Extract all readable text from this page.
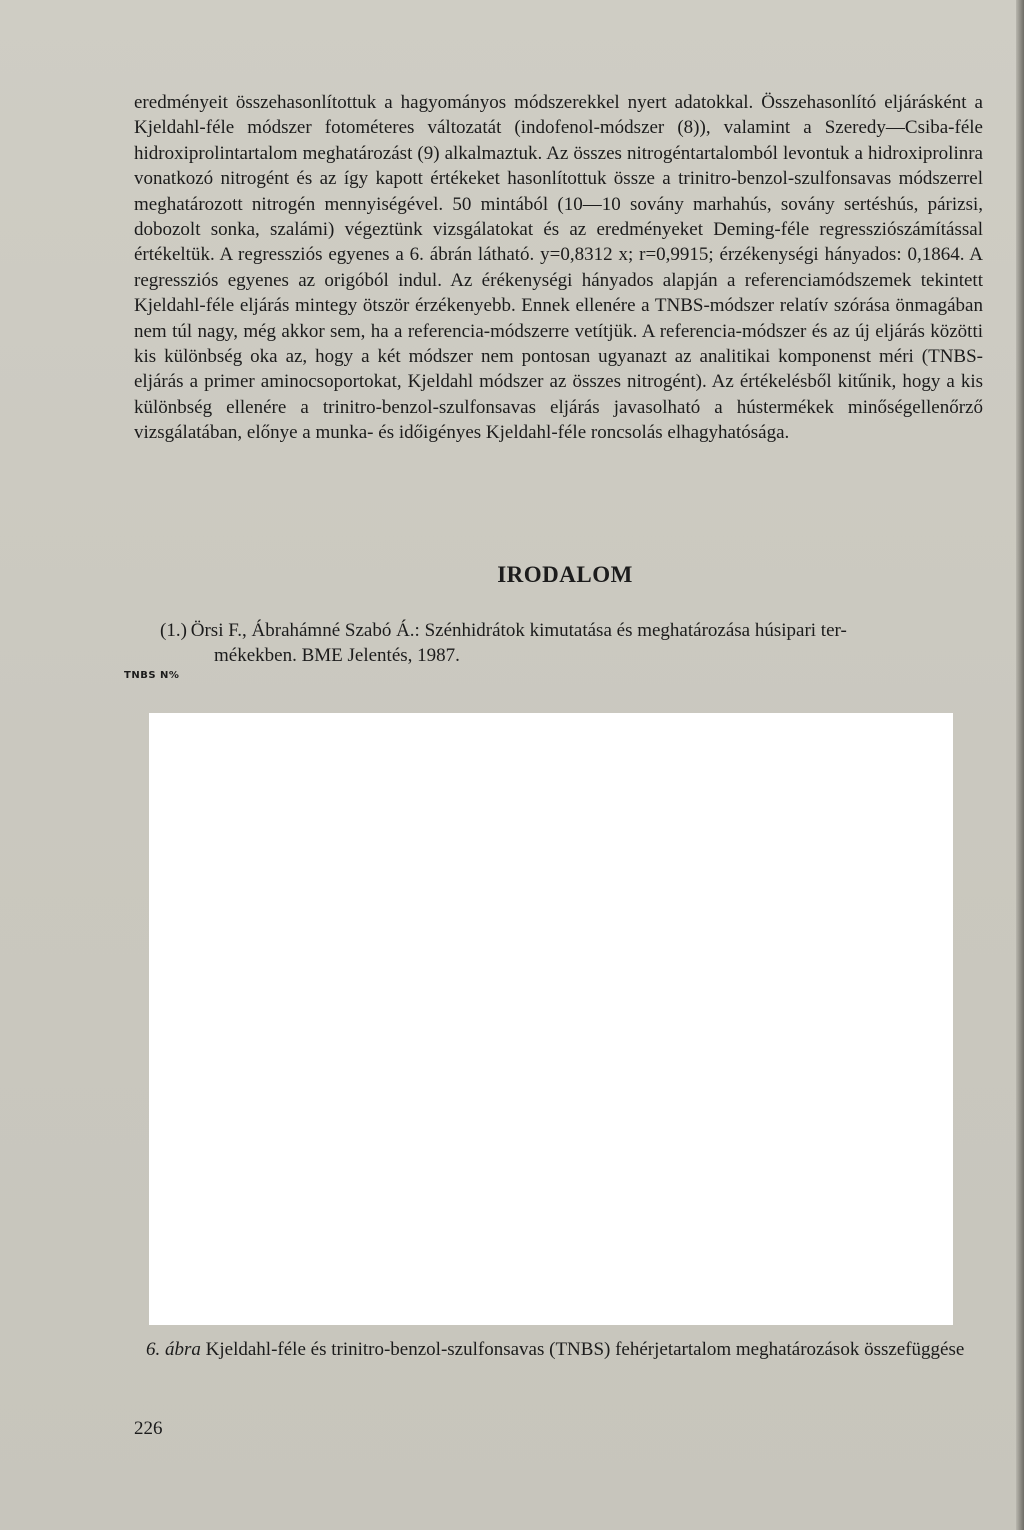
eredményeit összehasonlítottuk a hagyományos módszerekkel nyert adatokkal. Összehasonlító eljárásként a Kjeldahl-féle módszer fotométeres változatát (indofenol-módszer (8)), valamint a Szeredy—Csiba-féle hidroxiprolintartalom meghatározást (9) alkalmaztuk. Az összes nitrogéntartalomból levontuk a hidroxiprolinra vonatkozó nitrogént és az így kapott értékeket hasonlítottuk össze a trinitro-benzol-szulfonsavas módszerrel meghatározott nitrogén mennyiségével. 50 mintából (10—10 sovány marhahús, sovány sertéshús, párizsi, dobozolt sonka, szalámi) végeztünk vizsgálatokat és az eredményeket Deming-féle regressziószámítással értékeltük. A regressziós egyenes a 6. ábrán látható. y=0,8312 x; r=0,9915; érzékenységi hányados: 0,1864. A regressziós egyenes az origóból indul. Az érékenységi hányados alapján a referenciamódszemek tekintett Kjeldahl-féle eljárás mintegy ötször érzékenyebb. Ennek ellenére a TNBS-módszer relatív szórása önmagában nem túl nagy, még akkor sem, ha a referencia-módszerre vetítjük. A referencia-módszer és az új eljárás közötti kis különbség oka az, hogy a két módszer nem pontosan ugyanazt az analitikai komponenst méri (TNBS-eljárás a primer aminocsoportokat, Kjeldahl módszer az összes nitrogént). Az értékelésből kitűnik, hogy a kis különbség ellenére a trinitro-benzol-szulfonsavas eljárás javasolható a hústermékek minőségellenőrző vizsgálatában, előnye a munka- és időigényes Kjeldahl-féle roncsolás elhagyhatósága.

IRODALOM
(1.) Örsi F., Ábrahámné Szabó Á.: Szénhidrátok kimutatása és meghatározása húsipari ter-
mékekben. BME Jelentés, 1987.
TNBS N%
6. ábra Kjeldahl-féle és trinitro-benzol-szulfonsavas (TNBS) fehérjetartalom meghatározások összefüggése
226
